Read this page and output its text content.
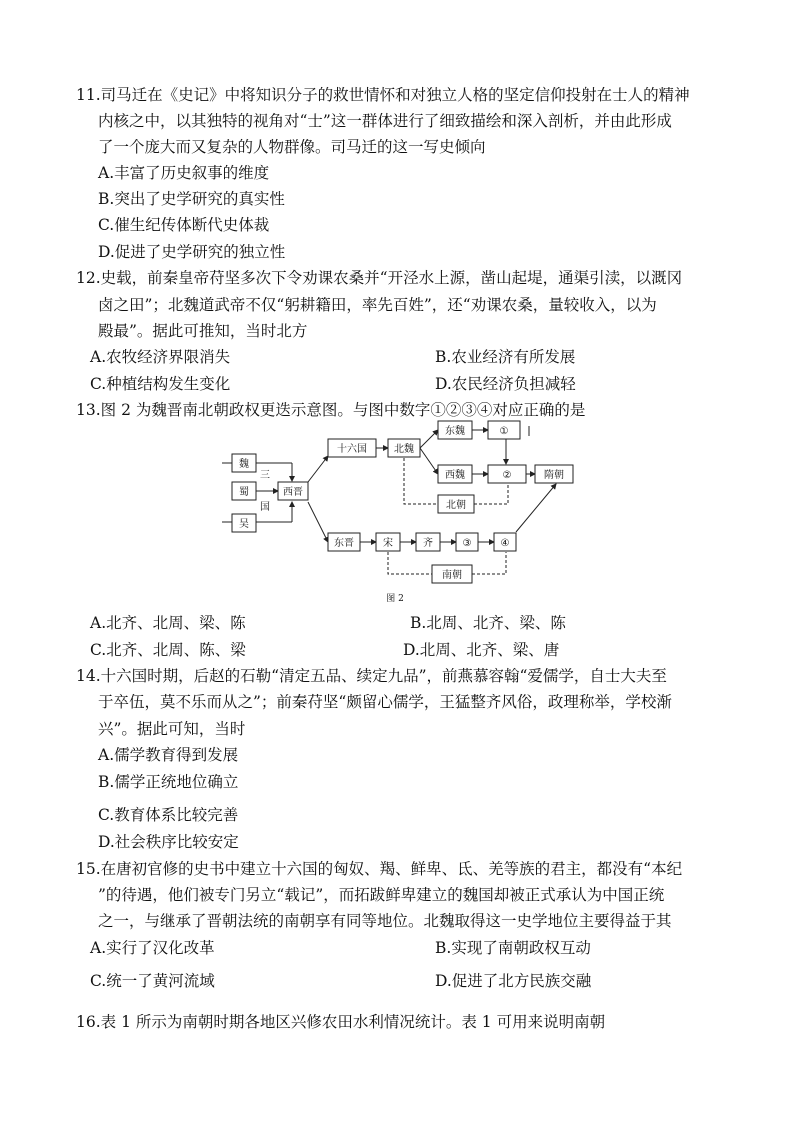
11.司马迁在《史记》中将知识分子的救世情怀和对独立人格的坚定信仰投射在士人的精神
内核之中，以其独特的视角对“士”这一群体进行了细致描绘和深入剖析，并由此形成
了一个庞大而又复杂的人物群像。司马迁的这一写史倾向
A.丰富了历史叙事的维度
B.突出了史学研究的真实性
C.催生纪传体断代史体裁
D.促进了史学研究的独立性
12.史载，前秦皇帝苻坚多次下令劝课农桑并“开泾水上源，凿山起堤，通渠引渎，以溉冈
卤之田”；北魏道武帝不仅“躬耕籍田，率先百姓”，还“劝课农桑，量较收入，以为
殿最”。据此可推知，当时北方
A.农牧经济界限消失	B.农业经济有所发展
C.种植结构发生变化	D.农民经济负担减轻
13.图 2 为魏晋南北朝政权更迭示意图。与图中数字①②③④对应正确的是
魏
蜀
吴
三
国
西晋
十六国	北魏
东魏	①
西魏	②	隋朝
北朝
东晋	宋	齐	③	④
南朝
图 2
A.北齐、北周、梁、陈	B.北周、北齐、梁、陈
C.北齐、北周、陈、梁	D.北周、北齐、梁、唐
14.十六国时期，后赵的石勒“清定五品、续定九品”，前燕慕容翰“爱儒学，自士大夫至
于卒伍，莫不乐而从之”；前秦苻坚“颇留心儒学，王猛整齐风俗，政理称举，学校渐
兴”。据此可知，当时
A.儒学教育得到发展
B.儒学正统地位确立
C.教育体系比较完善
D.社会秩序比较安定
15.在唐初官修的史书中建立十六国的匈奴、羯、鲜卑、氐、羌等族的君主，都没有“本纪
”的待遇，他们被专门另立“载记”，而拓跋鲜卑建立的魏国却被正式承认为中国正统
之一，与继承了晋朝法统的南朝享有同等地位。北魏取得这一史学地位主要得益于其
A.实行了汉化改革	B.实现了南朝政权互动
C.统一了黄河流域	D.促进了北方民族交融
16.表 1 所示为南朝时期各地区兴修农田水利情况统计。表 1 可用来说明南朝
